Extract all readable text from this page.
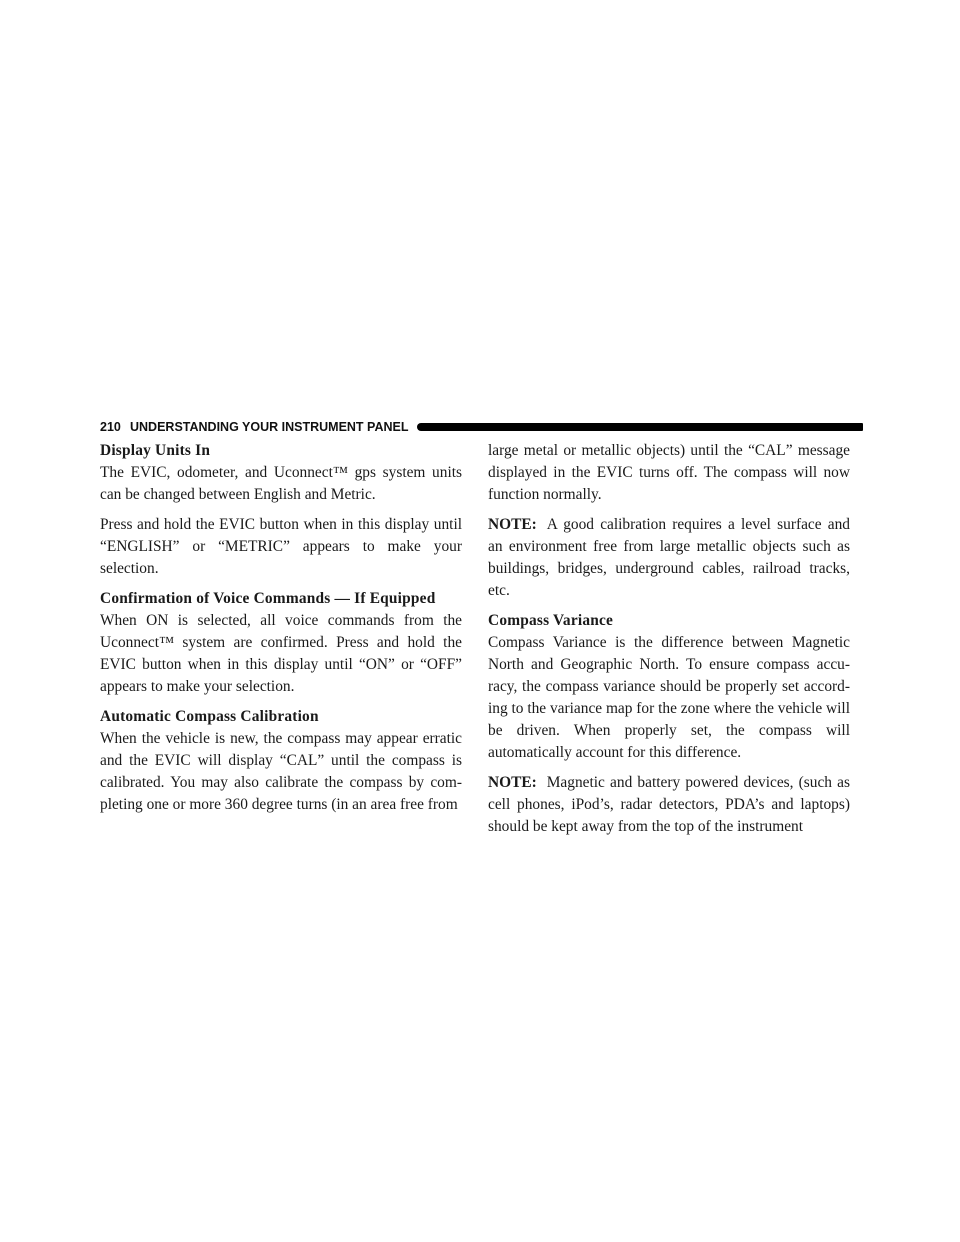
210 UNDERSTANDING YOUR INSTRUMENT PANEL
Display Units In

The EVIC, odometer, and Uconnect™ gps system units can be changed between English and Metric.

Press and hold the EVIC button when in this display until “ENGLISH” or “METRIC” appears to make your selection.

Confirmation of Voice Commands — If Equipped

When ON is selected, all voice commands from the Uconnect™ system are confirmed. Press and hold the EVIC button when in this display until “ON” or “OFF” appears to make your selection.

Automatic Compass Calibration

When the vehicle is new, the compass may appear erratic and the EVIC will display “CAL” until the compass is calibrated. You may also calibrate the compass by completing one or more 360 degree turns (in an area free from

large metal or metallic objects) until the “CAL” message displayed in the EVIC turns off. The compass will now function normally.

NOTE: A good calibration requires a level surface and an environment free from large metallic objects such as buildings, bridges, underground cables, railroad tracks, etc.

Compass Variance

Compass Variance is the difference between Magnetic North and Geographic North. To ensure compass accuracy, the compass variance should be properly set according to the variance map for the zone where the vehicle will be driven. When properly set, the compass will automatically account for this difference.

NOTE: Magnetic and battery powered devices, (such as cell phones, iPod’s, radar detectors, PDA’s and laptops) should be kept away from the top of the instrument
